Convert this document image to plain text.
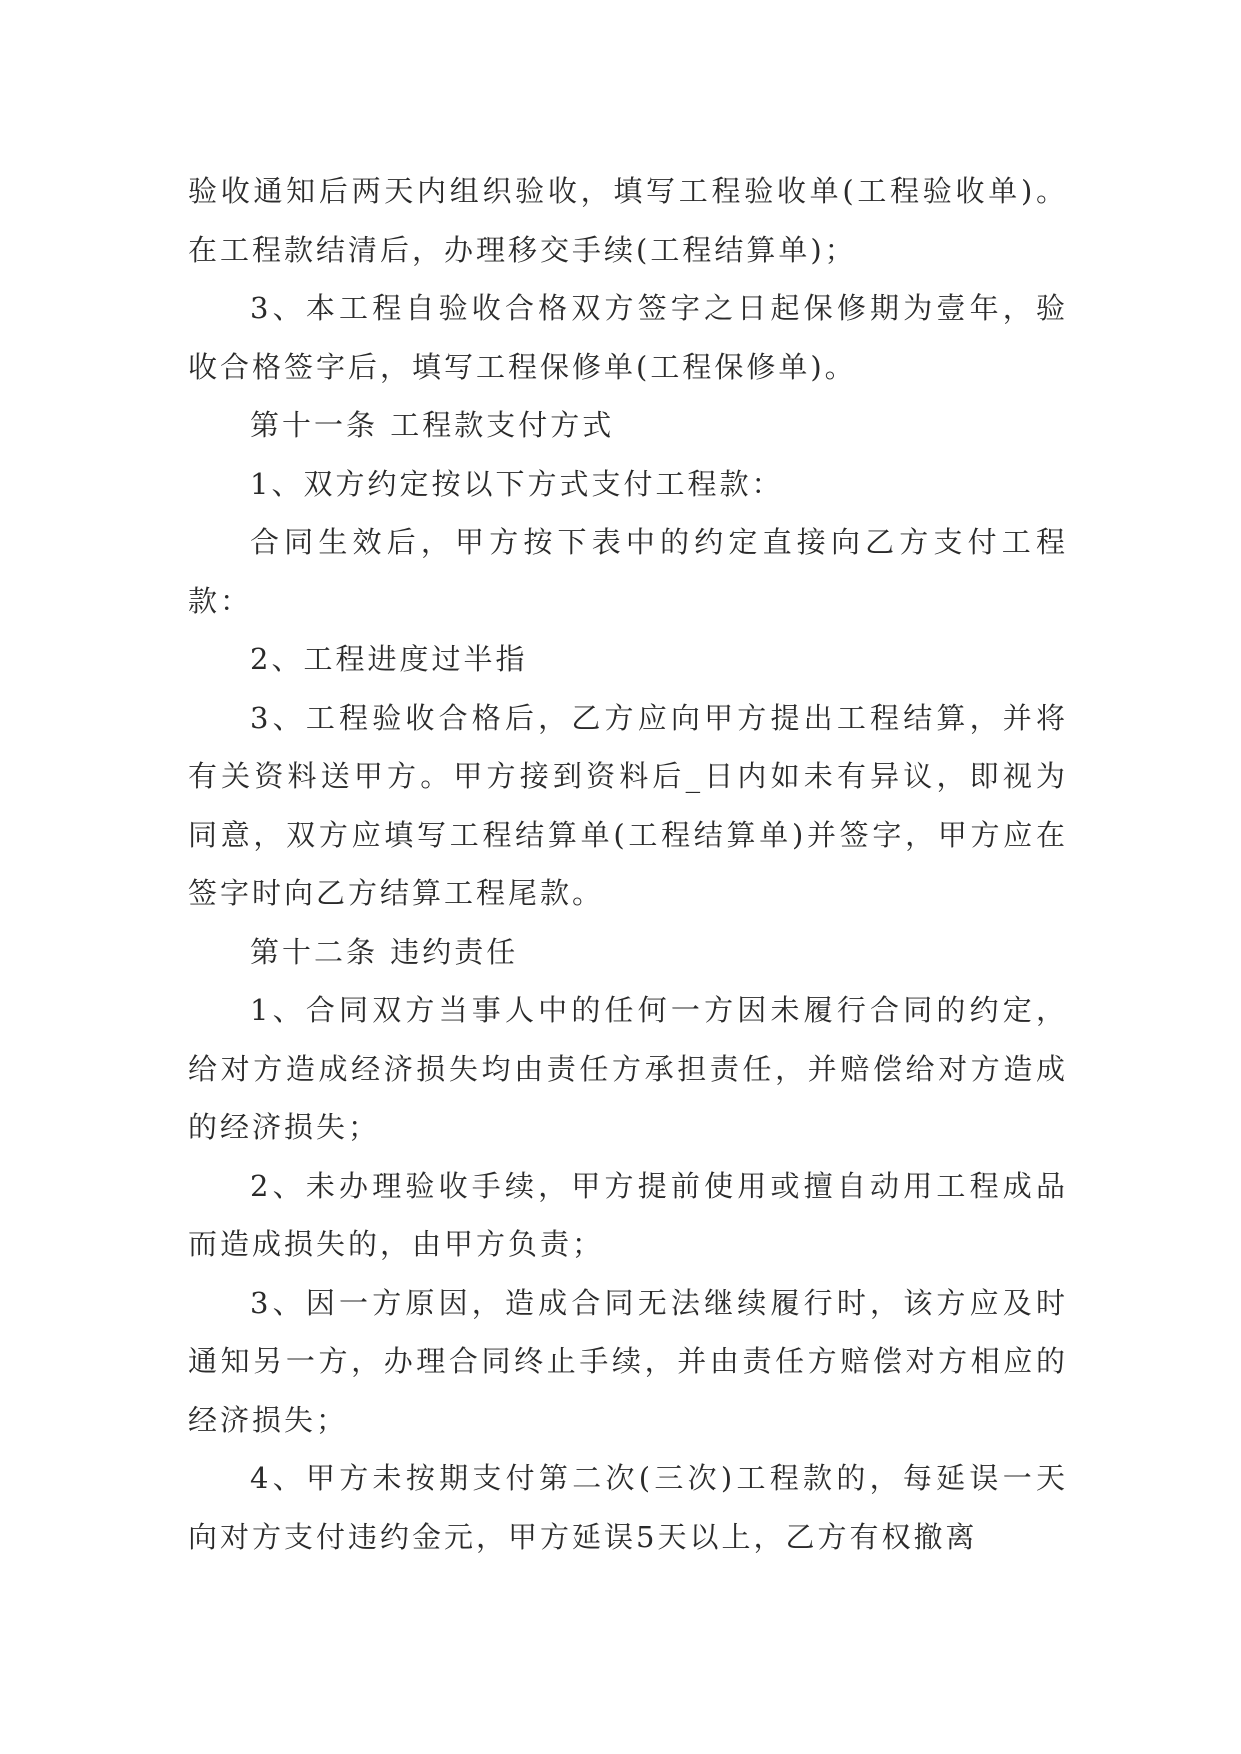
验收通知后两天内组织验收，填写工程验收单(工程验收单)。在工程款结清后，办理移交手续(工程结算单)；

3、本工程自验收合格双方签字之日起保修期为壹年，验收合格签字后，填写工程保修单(工程保修单)。

第十一条 工程款支付方式

1、双方约定按以下方式支付工程款：

合同生效后，甲方按下表中的约定直接向乙方支付工程款：

2、工程进度过半指

3、工程验收合格后，乙方应向甲方提出工程结算，并将有关资料送甲方。甲方接到资料后_日内如未有异议，即视为同意，双方应填写工程结算单(工程结算单)并签字，甲方应在签字时向乙方结算工程尾款。

第十二条 违约责任

1、合同双方当事人中的任何一方因未履行合同的约定，给对方造成经济损失均由责任方承担责任，并赔偿给对方造成的经济损失；

2、未办理验收手续，甲方提前使用或擅自动用工程成品而造成损失的，由甲方负责；

3、因一方原因，造成合同无法继续履行时，该方应及时通知另一方，办理合同终止手续，并由责任方赔偿对方相应的经济损失；

4、甲方未按期支付第二次(三次)工程款的，每延误一天向对方支付违约金元，甲方延误5天以上，乙方有权撤离
